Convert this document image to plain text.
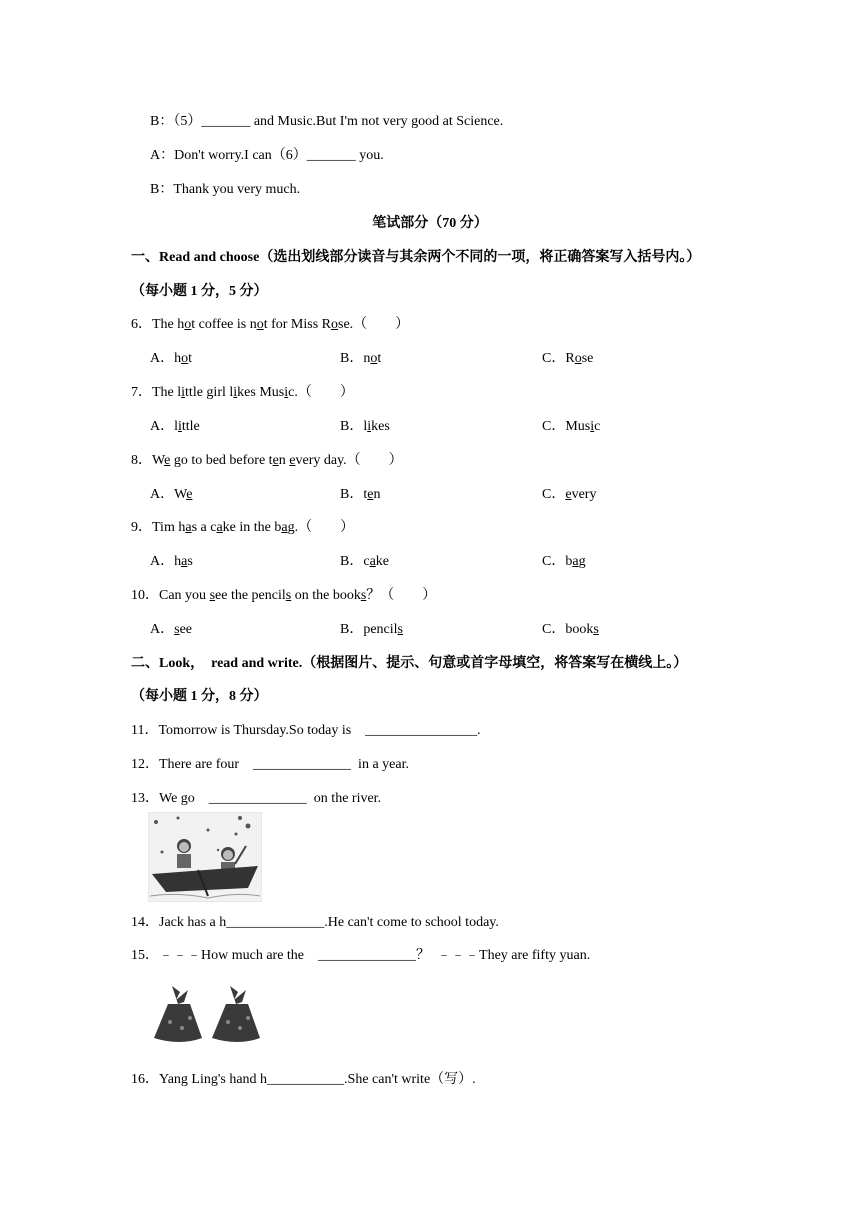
B：（5）_______ and Music.But I'm not very good at Science.
A：Don't worry.I can（6）_______ you.
B：Thank you very much.
笔试部分（70 分）
一、Read and choose（选出划线部分读音与其余两个不同的一项，将正确答案写入括号内。）
（每小题 1 分，5 分）
6．The hot coffee is not for Miss Rose.（　　）
A．hot	B．not	C．Rose
7．The little girl likes Music.（　　）
A．little	B．likes	C．Music
8．We go to bed before ten every day.（　　）
A．We	B．ten	C．every
9．Tim has a cake in the bag.（　　）
A．has	B．cake	C．bag
10．Can you see the pencils on the books？（　　）
A．see	B．pencils	C．books
二、Look，　read and write.（根据图片、提示、句意或首字母填空，将答案写在横线上。）
（每小题 1 分，8 分）
11．Tomorrow is Thursday.So today is　________________.
12．There are four　______________  in a year.
13．We go　______________  on the river.
14．Jack has a h______________.He can't come to school today.
15．﹣﹣﹣How much are the　______________？  ﹣﹣﹣They are fifty yuan.
16．Yang Ling's hand h___________.She can't write（写）.
